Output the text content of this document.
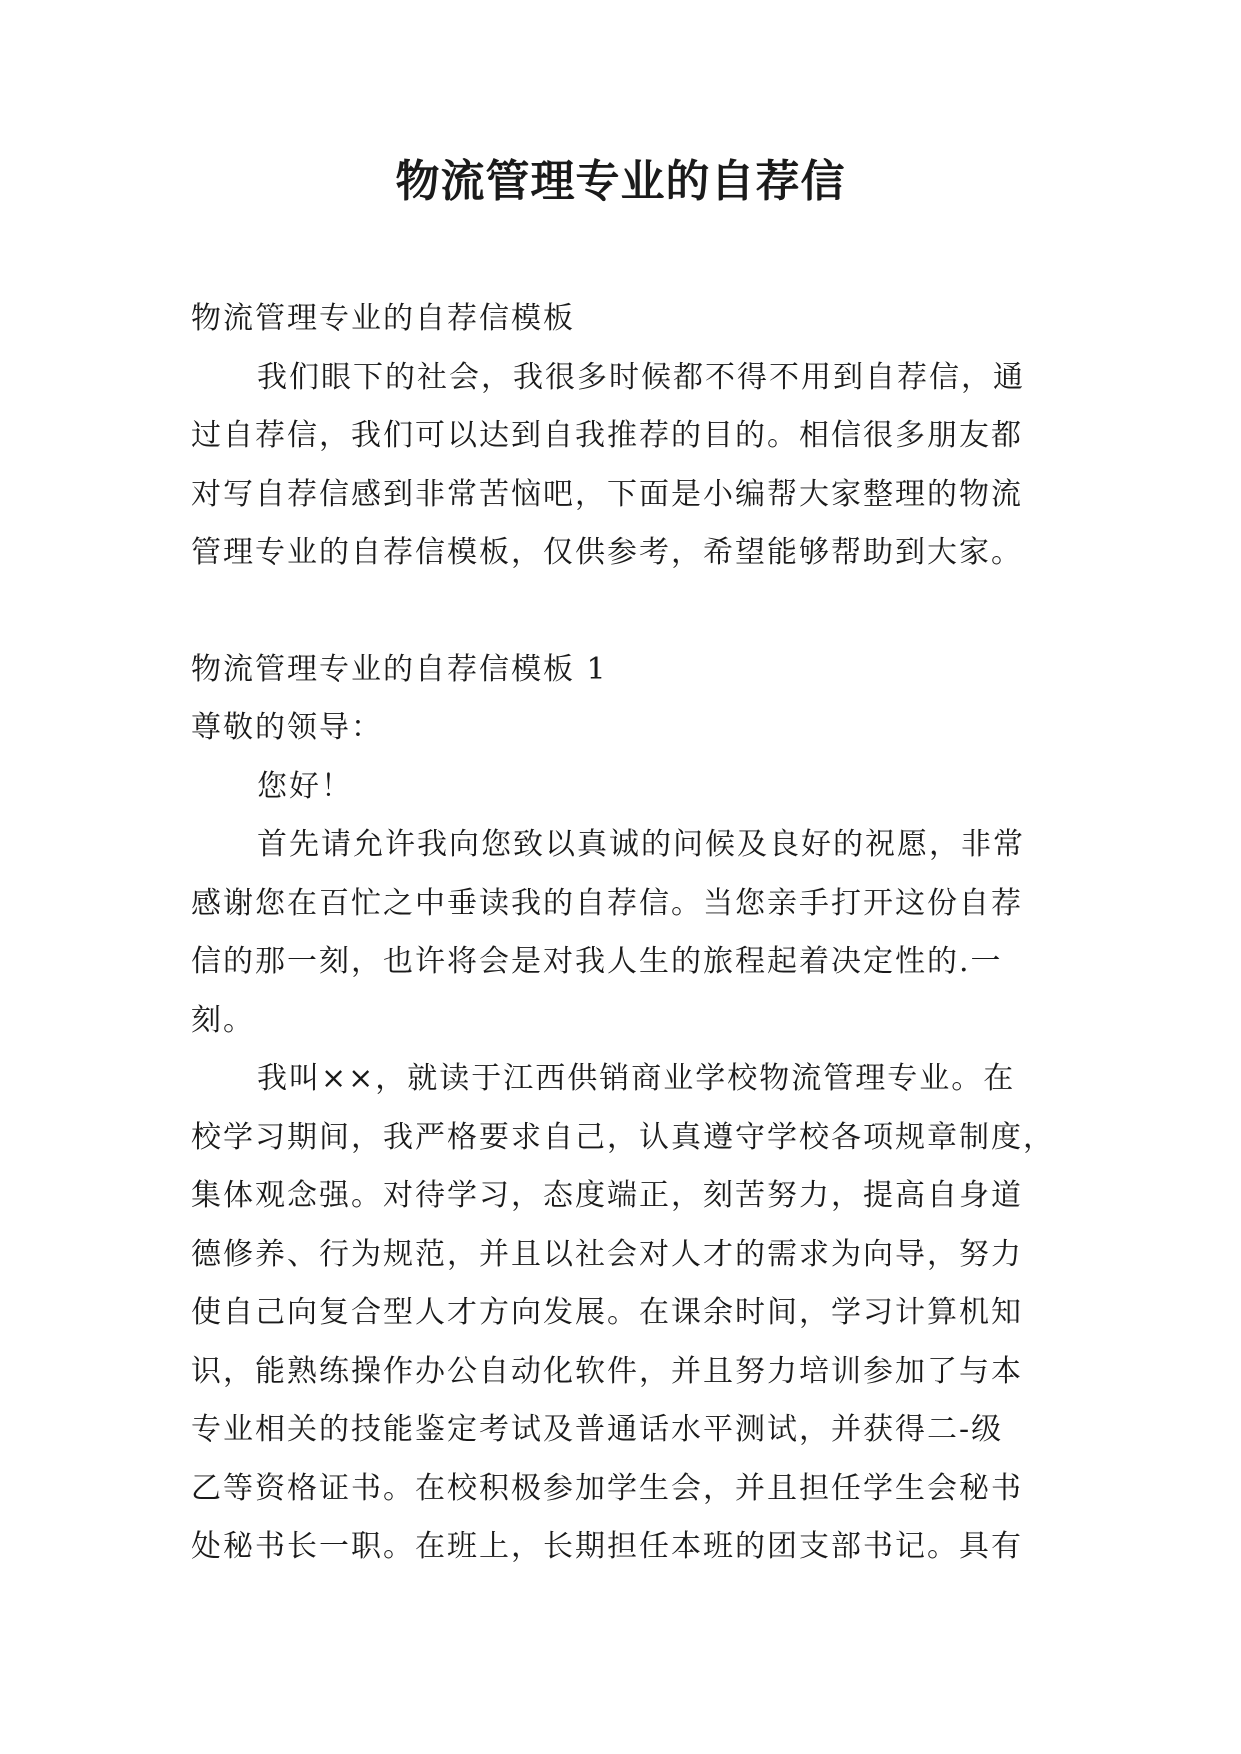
物流管理专业的自荐信
物流管理专业的自荐信模板
我们眼下的社会，我很多时候都不得不用到自荐信，通
过自荐信，我们可以达到自我推荐的目的。相信很多朋友都
对写自荐信感到非常苦恼吧，下面是小编帮大家整理的物流
管理专业的自荐信模板，仅供参考，希望能够帮助到大家。
物流管理专业的自荐信模板 1
尊敬的领导：
您好！
首先请允许我向您致以真诚的问候及良好的祝愿，非常
感谢您在百忙之中垂读我的自荐信。当您亲手打开这份自荐
信的那一刻，也许将会是对我人生的旅程起着决定性的.一
刻。
我叫××，就读于江西供销商业学校物流管理专业。在
校学习期间，我严格要求自己，认真遵守学校各项规章制度，
集体观念强。对待学习，态度端正，刻苦努力，提高自身道
德修养、行为规范，并且以社会对人才的需求为向导，努力
使自己向复合型人才方向发展。在课余时间，学习计算机知
识，能熟练操作办公自动化软件，并且努力培训参加了与本
专业相关的技能鉴定考试及普通话水平测试，并获得二-级
乙等资格证书。在校积极参加学生会，并且担任学生会秘书
处秘书长一职。在班上，长期担任本班的团支部书记。具有
